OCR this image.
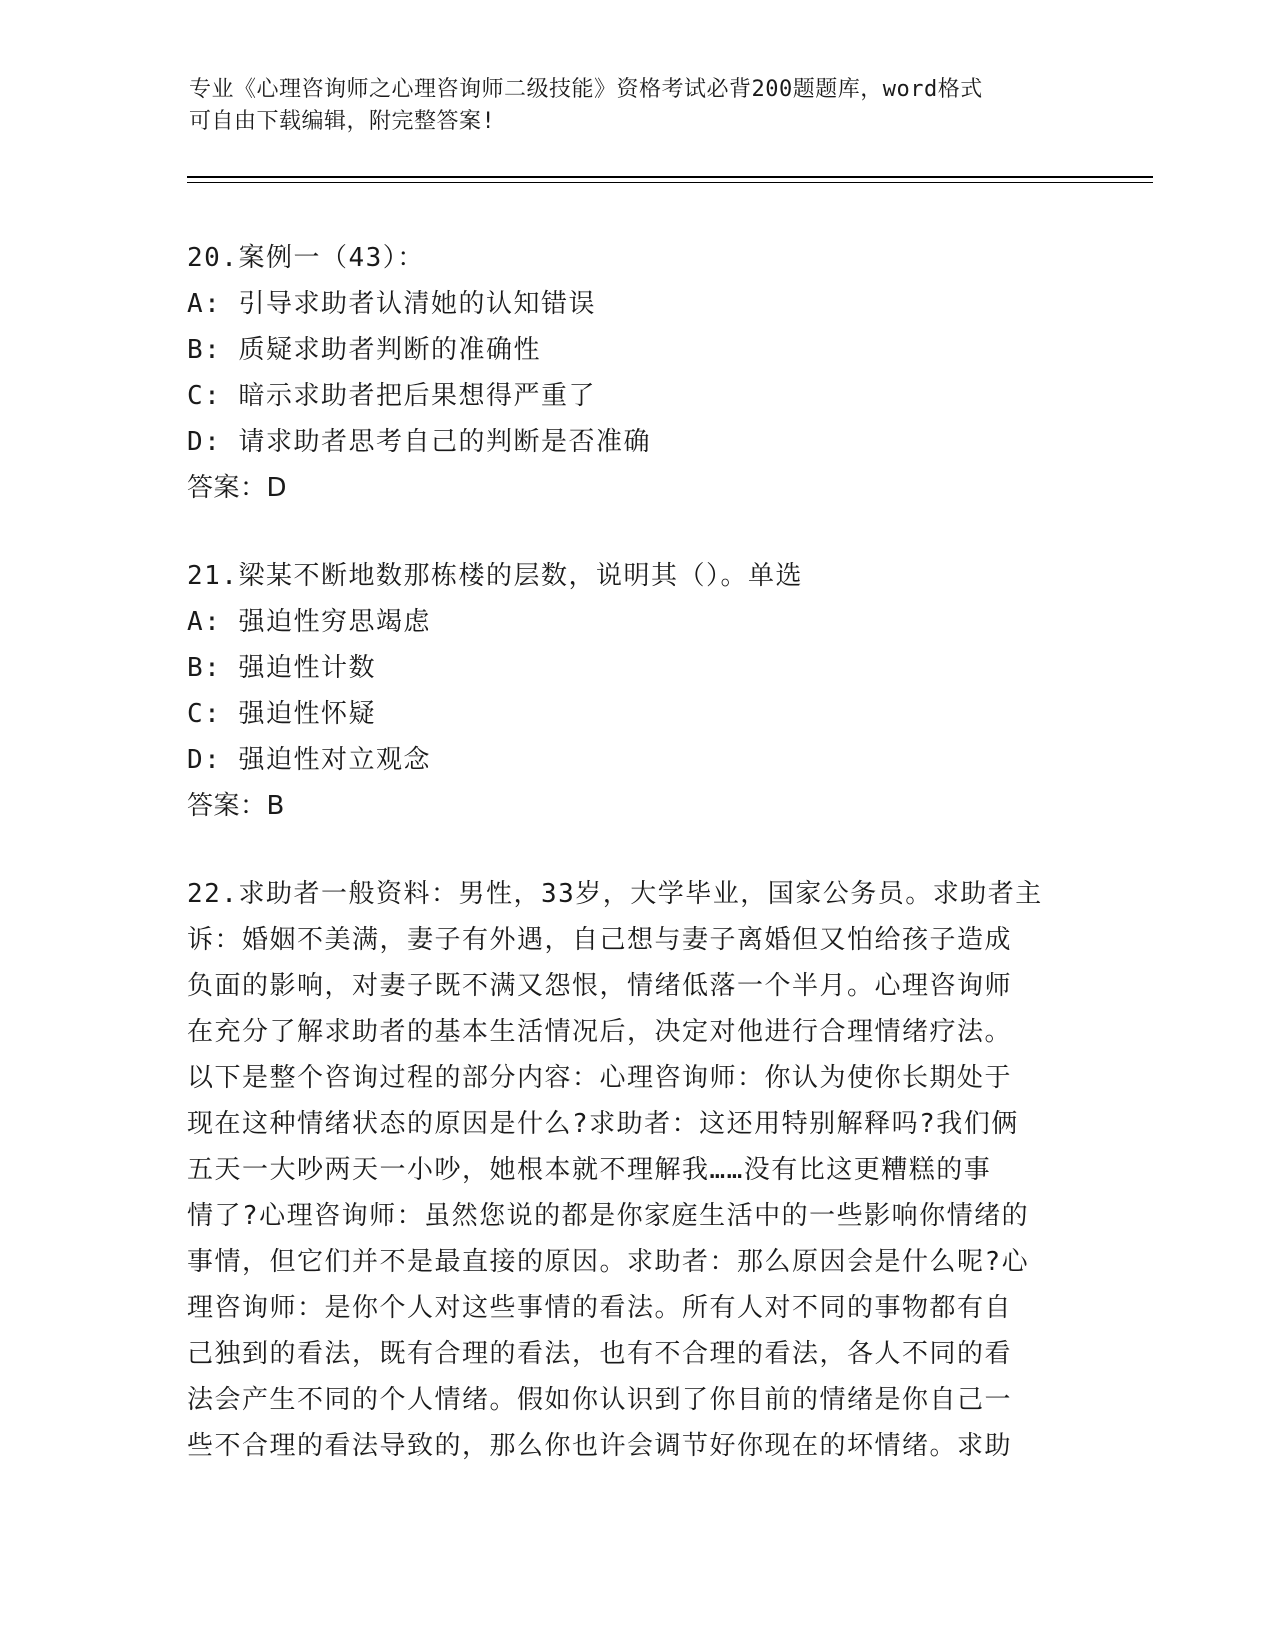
专业《心理咨询师之心理咨询师二级技能》资格考试必背200题题库，word格式
可自由下载编辑，附完整答案!
20.案例一（43）：
A: 引导求助者认清她的认知错误
B: 质疑求助者判断的准确性
C: 暗示求助者把后果想得严重了
D: 请求助者思考自己的判断是否准确
答案：D
21.梁某不断地数那栋楼的层数，说明其（）。单选
A: 强迫性穷思竭虑
B: 强迫性计数
C: 强迫性怀疑
D: 强迫性对立观念
答案：B
22.求助者一般资料：男性，33岁，大学毕业，国家公务员。求助者主
诉：婚姻不美满，妻子有外遇，自己想与妻子离婚但又怕给孩子造成
负面的影响，对妻子既不满又怨恨，情绪低落一个半月。心理咨询师
在充分了解求助者的基本生活情况后，决定对他进行合理情绪疗法。
以下是整个咨询过程的部分内容：心理咨询师：你认为使你长期处于
现在这种情绪状态的原因是什么?求助者：这还用特别解释吗?我们俩
五天一大吵两天一小吵，她根本就不理解我……没有比这更糟糕的事
情了?心理咨询师：虽然您说的都是你家庭生活中的一些影响你情绪的
事情，但它们并不是最直接的原因。求助者：那么原因会是什么呢?心
理咨询师：是你个人对这些事情的看法。所有人对不同的事物都有自
己独到的看法，既有合理的看法，也有不合理的看法，各人不同的看
法会产生不同的个人情绪。假如你认识到了你目前的情绪是你自己一
些不合理的看法导致的，那么你也许会调节好你现在的坏情绪。求助
